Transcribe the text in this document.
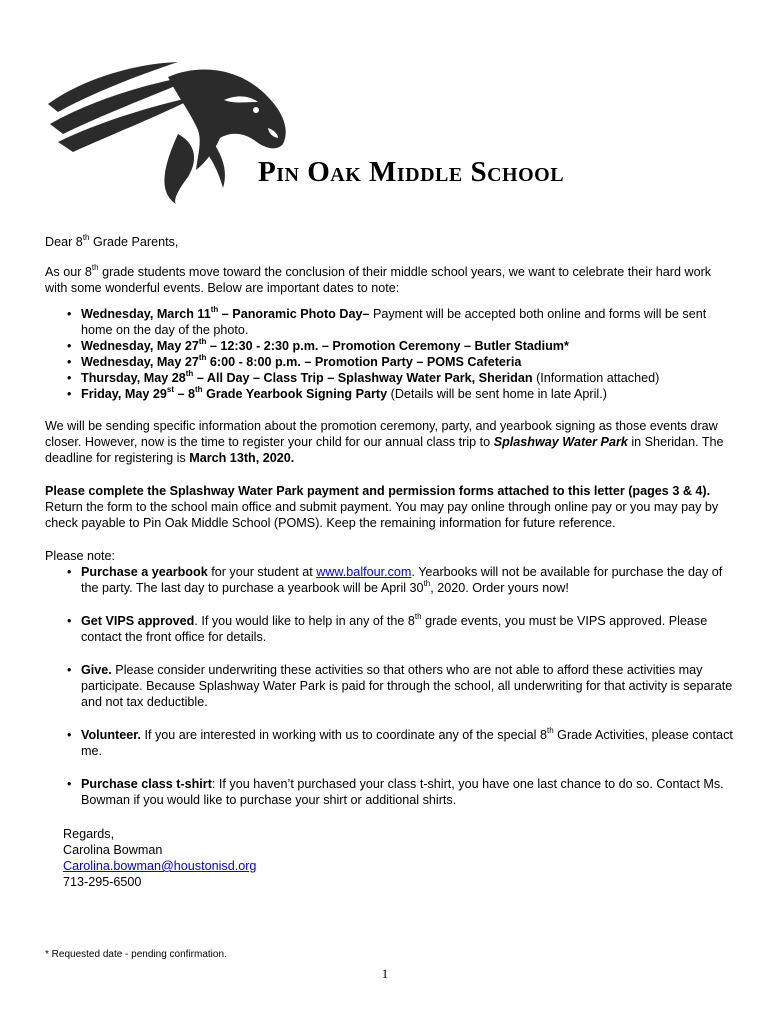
Pin Oak Middle School

Dear 8th Grade Parents,

As our 8th grade students move toward the conclusion of their middle school years, we want to celebrate their hard work with some wonderful events. Below are important dates to note:

• Wednesday, March 11th – Panoramic Photo Day– Payment will be accepted both online and forms will be sent home on the day of the photo.
• Wednesday, May 27th – 12:30 - 2:30 p.m. – Promotion Ceremony – Butler Stadium*
• Wednesday, May 27th 6:00 - 8:00 p.m. – Promotion Party – POMS Cafeteria
• Thursday, May 28th – All Day – Class Trip – Splashway Water Park, Sheridan (Information attached)
• Friday, May 29st – 8th Grade Yearbook Signing Party (Details will be sent home in late April.)

We will be sending specific information about the promotion ceremony, party, and yearbook signing as those events draw closer. However, now is the time to register your child for our annual class trip to Splashway Water Park in Sheridan. The deadline for registering is March 13th, 2020.

Please complete the Splashway Water Park payment and permission forms attached to this letter (pages 3 & 4). Return the form to the school main office and submit payment. You may pay online through online pay or you may pay by check payable to Pin Oak Middle School (POMS). Keep the remaining information for future reference.

Please note:

• Purchase a yearbook for your student at www.balfour.com. Yearbooks will not be available for purchase the day of the party. The last day to purchase a yearbook will be April 30th, 2020. Order yours now!
• Get VIPS approved. If you would like to help in any of the 8th grade events, you must be VIPS approved. Please contact the front office for details.
• Give. Please consider underwriting these activities so that others who are not able to afford these activities may participate. Because Splashway Water Park is paid for through the school, all underwriting for that activity is separate and not tax deductible.
• Volunteer. If you are interested in working with us to coordinate any of the special 8th Grade Activities, please contact me.
• Purchase class t-shirt: If you haven’t purchased your class t-shirt, you have one last chance to do so. Contact Ms. Bowman if you would like to purchase your shirt or additional shirts.

Regards,

Carolina Bowman

Carolina.bowman@houstonisd.org

713-295-6500

* Requested date - pending confirmation.
1
